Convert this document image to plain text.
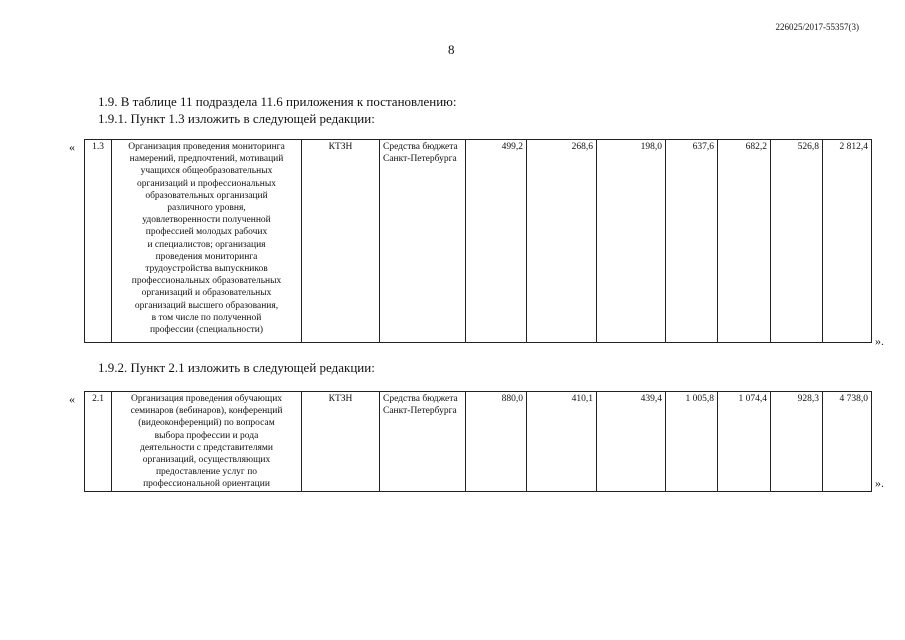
226025/2017-55357(3)
8
1.9. В таблице 11 подраздела 11.6 приложения к постановлению:
1.9.1. Пункт 1.3 изложить в следующей редакции:
« 1.3	Организация проведения мониторинга
намерений, предпочтений, мотиваций
учащихся общеобразовательных
организаций и профессиональных
образовательных организаций
различного уровня,
удовлетворенности полученной
профессией молодых рабочих
и специалистов; организация
проведения мониторинга
трудоустройства выпускников
профессиональных образовательных
организаций и образовательных
организаций высшего образования,
в том числе по полученной
профессии (специальности)
	КТЗН	Средства бюджета
Санкт-Петербурга
	499,2	268,6	198,0	637,6	682,2	526,8	2 812,4
».
1.9.2. Пункт 2.1 изложить в следующей редакции:
« 2.1	Организация проведения обучающих
семинаров (вебинаров), конференций
(видеоконференций) по вопросам
выбора профессии и рода
деятельности с представителями
организаций, осуществляющих
предоставление услуг по
профессиональной ориентации
	КТЗН	Средства бюджета
Санкт-Петербурга
	880,0	410,1	439,4	1 005,8	1 074,4	928,3	4 738,0
».
